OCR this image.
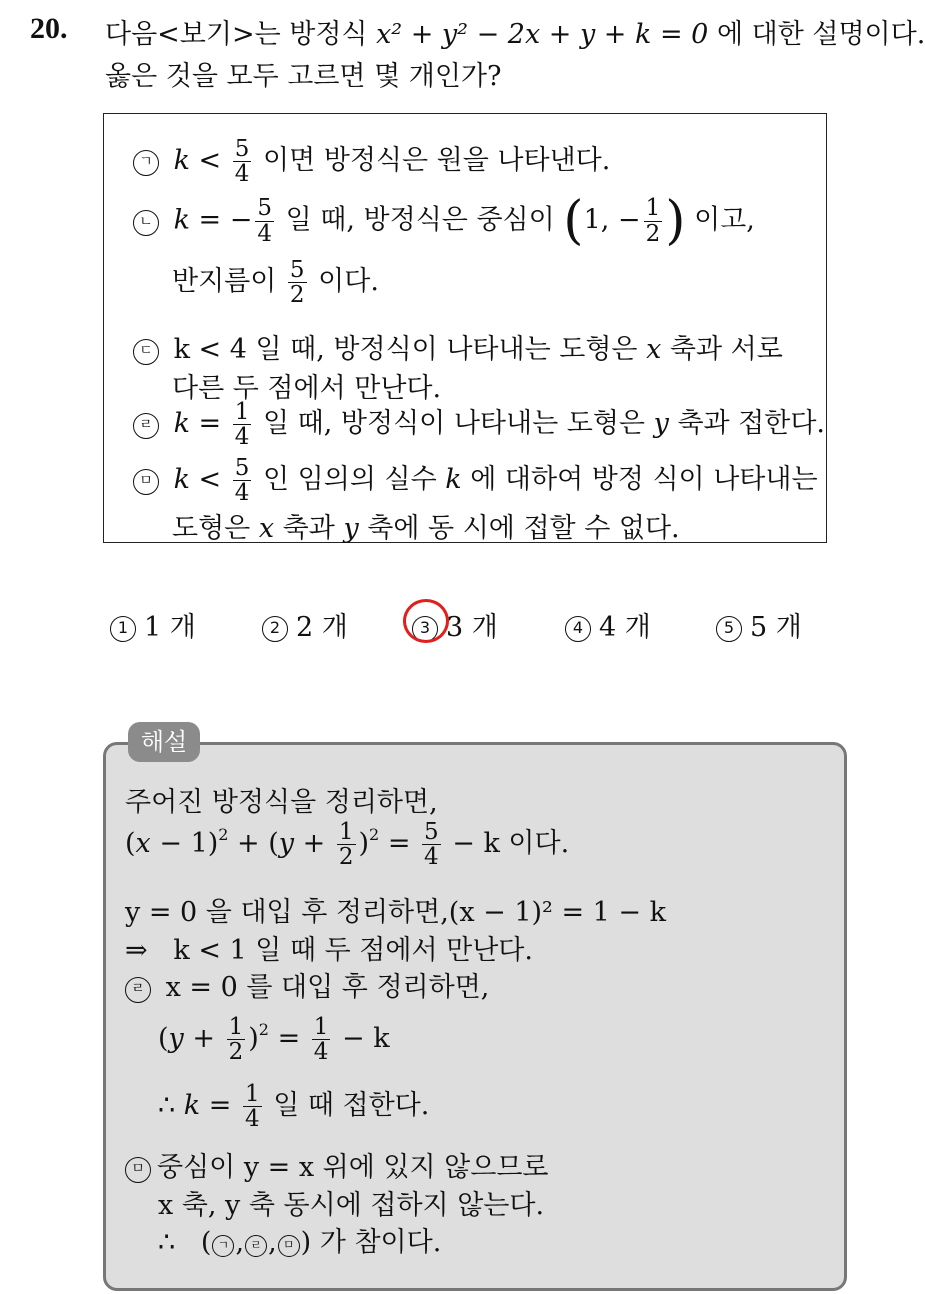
20. 다음<보기>는 방정식 x² + y² − 2x + y + k = 0 에 대한 설명이다.
옳은 것을 모두 고르면 몇 개인가?
ㄱ $k < \frac{5}{4}$ 이면 방정식은 원을 나타낸다.
ㄴ k = − $\frac{5}{4}$ 일 때, 방정식은 중심이 (1, − $\frac{1}{2}$ ) 이고,
반지름이 $\frac{5}{2}$ 이다.
ㄷ k < 4 일 때, 방정식이 나타내는 도형은 x 축과 서로
다른 두 점에서 만난다.
ㄹ $k = \frac{1}{4}$ 일 때, 방정식이 나타내는 도형은 y 축과 접한다.
ㅁ $k < \frac{5}{4}$ 인 임의의 실수 k 에 대하여 방정 식이 나타내는
도형은 x 축과 y 축에 동 시에 접할 수 없다.
1 1 개	2 2 개	3 3 개	4 4 개	5 5 개
해설
주어진 방정식을 정리하면,
$(x - 1)^2 + (y + \frac{1}{2} )^2 = \frac{5}{4} - k$ 이다.
y = 0 을 대입 후 정리하면,(x − 1)² = 1 − k
⇒ k < 1 일 때 두 점에서 만난다.
ㄹ x = 0 를 대입 후 정리하면,
$(y + \frac{1}{2} )^2 = \frac{1}{4} - k$
∴ $k = \frac{1}{4}$ 일 때 접한다.
ㅁ 중심이 y = x 위에 있지 않으므로
x 축, y 축 동시에 접하지 않는다.
∴   ( ㄱ , ㄹ , ㅁ ) 가 참이다.
